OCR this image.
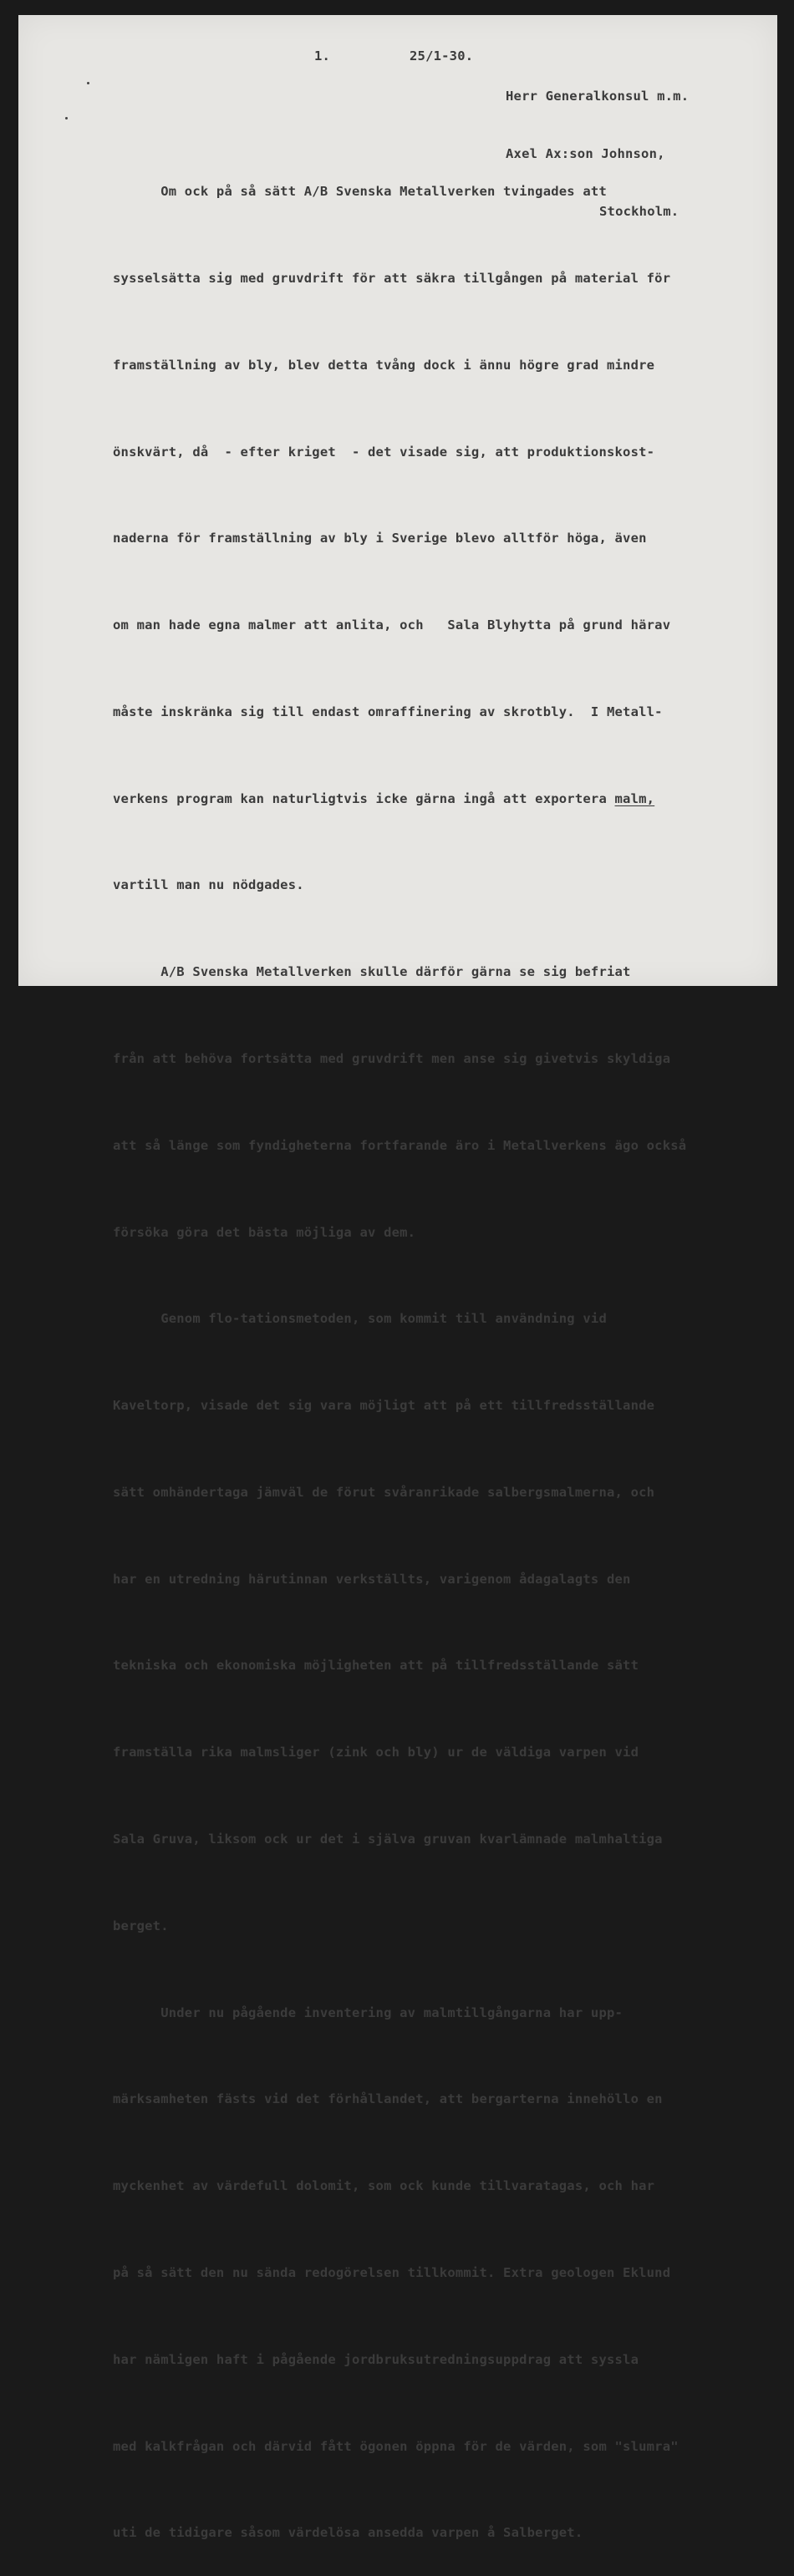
1.	25/1-30.

Herr Generalkonsul m.m.

Axel Ax:son Johnson,

Stockholm.

Om ock på så sätt A/B Svenska Metallverken tvingades att

sysselsätta sig med gruvdrift för att säkra tillgången på material för

framställning av bly, blev detta tvång dock i ännu högre grad mindre

önskvärt, då  - efter kriget  - det visade sig, att produktionskost-

naderna för framställning av bly i Sverige blevo alltför höga, även

om man hade egna malmer att anlita, och   Sala Blyhytta på grund härav

måste inskränka sig till endast omraffinering av skrotbly.  I Metall-

verkens program kan naturligtvis icke gärna ingå att exportera malm,

vartill man nu nödgades.

A/B Svenska Metallverken skulle därför gärna se sig befriat

från att behöva fortsätta med gruvdrift men anse sig givetvis skyldiga

att så länge som fyndigheterna fortfarande äro i Metallverkens ägo också

försöka göra det bästa möjliga av dem.

Genom flo-tationsmetoden, som kommit till användning vid

Kaveltorp, visade det sig vara möjligt att på ett tillfredsställande

sätt omhändertaga jämväl de förut svåranrikade salbergsmalmerna, och

har en utredning härutinnan verkställts, varigenom ådagalagts den

tekniska och ekonomiska möjligheten att på tillfredsställande sätt

framställa rika malmsliger (zink och bly) ur de väldiga varpen vid

Sala Gruva, liksom ock ur det i själva gruvan kvarlämnade malmhaltiga

berget.

Under nu pågående inventering av malmtillgångarna har upp-

märksamheten fästs vid det förhållandet, att bergarterna innehöllo en

myckenhet av värdefull dolomit, som ock kunde tillvaratagas, och har

på så sätt den nu sända redogörelsen tillkommit. Extra geologen Eklund

har nämligen haft i pågående jordbruksutredningsuppdrag att syssla

med kalkfrågan och därvid fått ögonen öppna för de värden, som "slumra"

uti de tidigare såsom värdelösa ansedda varpen å Salberget.
